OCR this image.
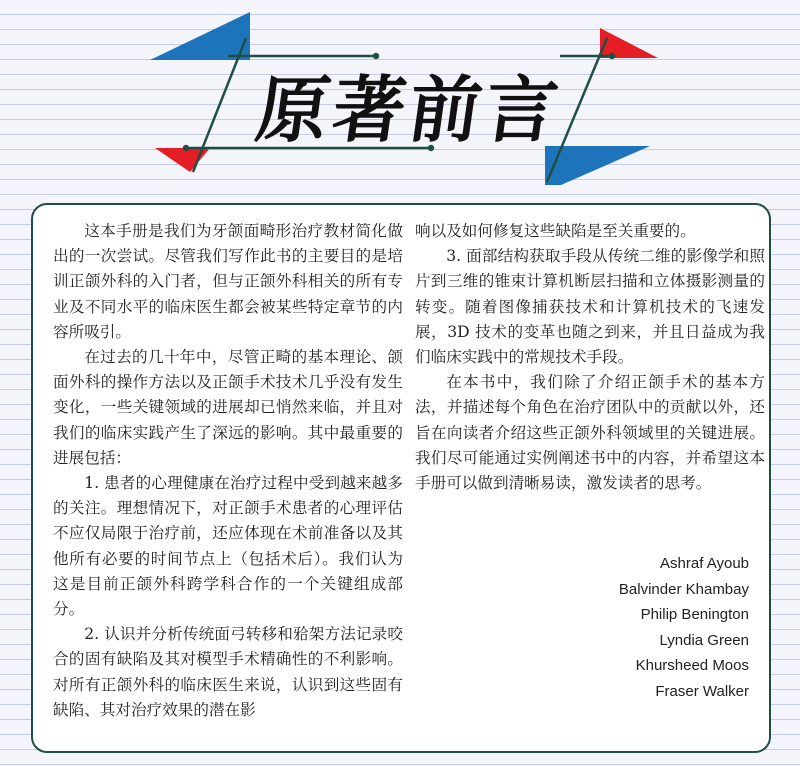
原著前言

这本手册是我们为牙颌面畸形治疗教材简化做出的一次尝试。尽管我们写作此书的主要目的是培训正颌外科的入门者，但与正颌外科相关的所有专业及不同水平的临床医生都会被某些特定章节的内容所吸引。

在过去的几十年中，尽管正畸的基本理论、颌面外科的操作方法以及正颌手术技术几乎没有发生变化，一些关键领域的进展却已悄然来临，并且对我们的临床实践产生了深远的影响。其中最重要的进展包括：

1. 患者的心理健康在治疗过程中受到越来越多的关注。理想情况下，对正颌手术患者的心理评估不应仅局限于治疗前，还应体现在术前准备以及其他所有必要的时间节点上（包括术后）。我们认为这是目前正颌外科跨学科合作的一个关键组成部分。

2. 认识并分析传统面弓转移和𬌗架方法记录咬合的固有缺陷及其对模型手术精确性的不利影响。对所有正颌外科的临床医生来说，认识到这些固有缺陷、其对治疗效果的潜在影

响以及如何修复这些缺陷是至关重要的。

3. 面部结构获取手段从传统二维的影像学和照片到三维的锥束计算机断层扫描和立体摄影测量的转变。随着图像捕获技术和计算机技术的飞速发展，3D 技术的变革也随之到来，并且日益成为我们临床实践中的常规技术手段。

在本书中，我们除了介绍正颌手术的基本方法，并描述每个角色在治疗团队中的贡献以外，还旨在向读者介绍这些正颌外科领域里的关键进展。我们尽可能通过实例阐述书中的内容，并希望这本手册可以做到清晰易读，激发读者的思考。

Ashraf Ayoub
Balvinder Khambay
Philip Benington
Lyndia Green
Khursheed Moos
Fraser Walker
